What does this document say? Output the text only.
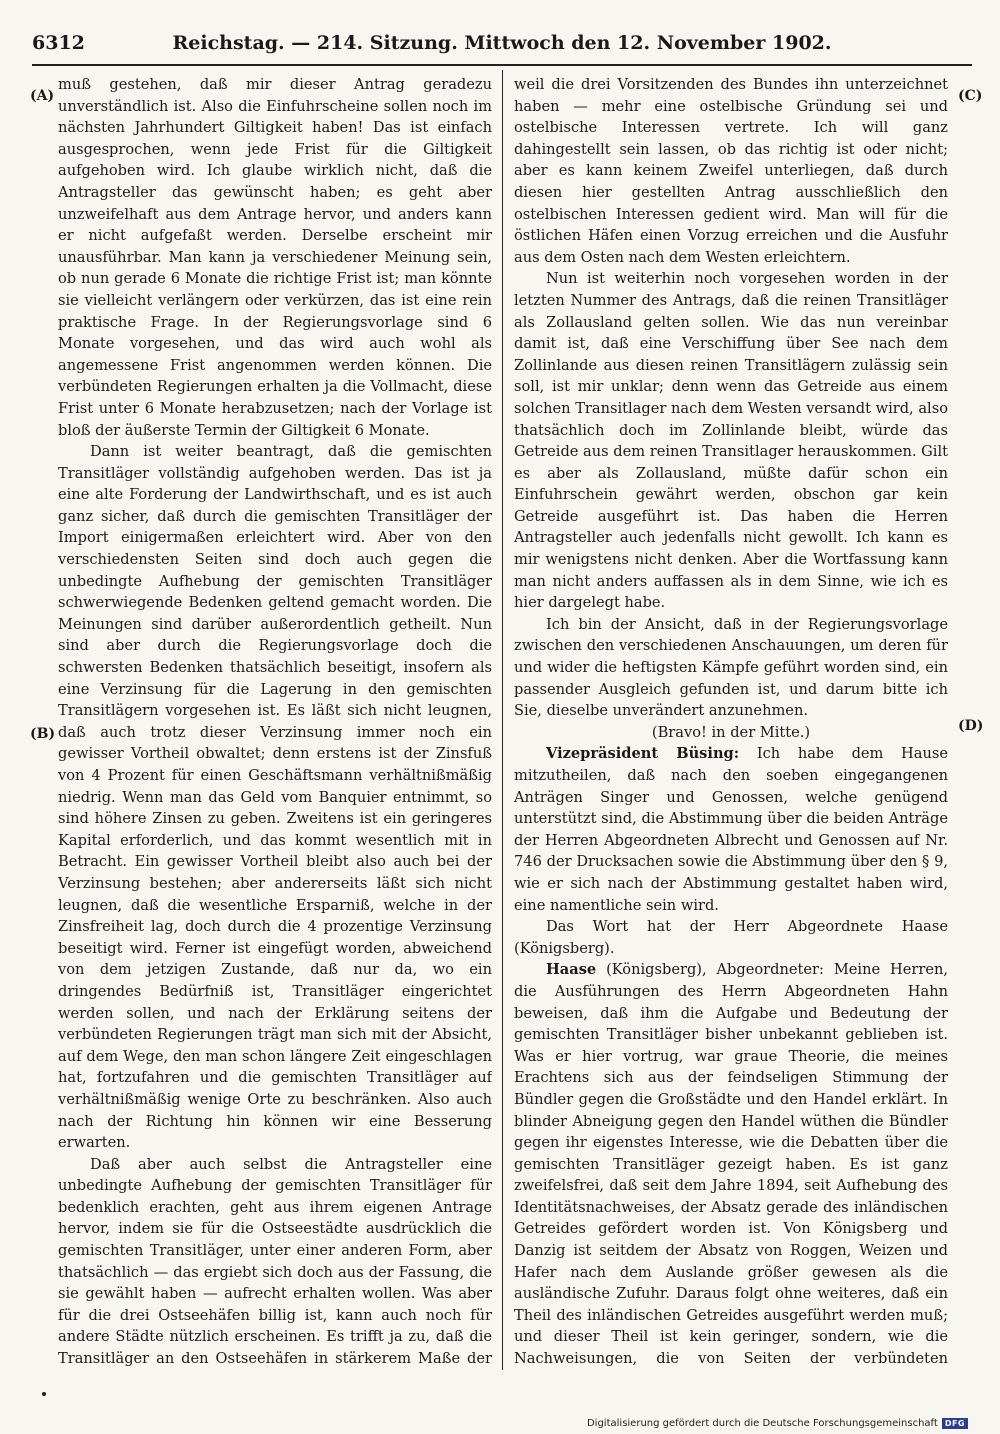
6312	Reichstag. — 214. Sitzung. Mittwoch den 12. November 1902.
(A)
(B)
(C)
(D)

muß gestehen, daß mir dieser Antrag geradezu unverständlich ist. Also die Einfuhrscheine sollen noch im nächsten Jahrhundert Giltigkeit haben! Das ist einfach ausgesprochen, wenn jede Frist für die Giltigkeit aufgehoben wird. Ich glaube wirklich nicht, daß die Antragsteller das gewünscht haben; es geht aber unzweifelhaft aus dem Antrage hervor, und anders kann er nicht aufgefaßt werden. Derselbe erscheint mir unausführbar. Man kann ja verschiedener Meinung sein, ob nun gerade 6 Monate die richtige Frist ist; man könnte sie vielleicht verlängern oder verkürzen, das ist eine rein praktische Frage. In der Regierungsvorlage sind 6 Monate vorgesehen, und das wird auch wohl als angemessene Frist angenommen werden können. Die verbündeten Regierungen erhalten ja die Vollmacht, diese Frist unter 6 Monate herabzusetzen; nach der Vorlage ist bloß der äußerste Termin der Giltigkeit 6 Monate.

Dann ist weiter beantragt, daß die gemischten Transitläger vollständig aufgehoben werden. Das ist ja eine alte Forderung der Landwirthschaft, und es ist auch ganz sicher, daß durch die gemischten Transitläger der Import einigermaßen erleichtert wird. Aber von den verschiedensten Seiten sind doch auch gegen die unbedingte Aufhebung der gemischten Transitläger schwerwiegende Bedenken geltend gemacht worden. Die Meinungen sind darüber außerordentlich getheilt. Nun sind aber durch die Regierungsvorlage doch die schwersten Bedenken thatsächlich beseitigt, insofern als eine Verzinsung für die Lagerung in den gemischten Transitlägern vorgesehen ist. Es läßt sich nicht leugnen, daß auch trotz dieser Verzinsung immer noch ein gewisser Vortheil obwaltet; denn erstens ist der Zinsfuß von 4 Prozent für einen Geschäftsmann verhältnißmäßig niedrig. Wenn man das Geld vom Banquier entnimmt, so sind höhere Zinsen zu geben. Zweitens ist ein geringeres Kapital erforderlich, und das kommt wesentlich mit in Betracht. Ein gewisser Vortheil bleibt also auch bei der Verzinsung bestehen; aber andererseits läßt sich nicht leugnen, daß die wesentliche Ersparniß, welche in der Zinsfreiheit lag, doch durch die 4 prozentige Verzinsung beseitigt wird. Ferner ist eingefügt worden, abweichend von dem jetzigen Zustande, daß nur da, wo ein dringendes Bedürfniß ist, Transitläger eingerichtet werden sollen, und nach der Erklärung seitens der verbündeten Regierungen trägt man sich mit der Absicht, auf dem Wege, den man schon längere Zeit eingeschlagen hat, fortzufahren und die gemischten Transitläger auf verhältnißmäßig wenige Orte zu beschränken. Also auch nach der Richtung hin können wir eine Besserung erwarten.

Daß aber auch selbst die Antragsteller eine unbedingte Aufhebung der gemischten Transitläger für bedenklich erachten, geht aus ihrem eigenen Antrage hervor, indem sie für die Ostseestädte ausdrücklich die gemischten Transitläger, unter einer anderen Form, aber thatsächlich — das ergiebt sich doch aus der Fassung, die sie gewählt haben — aufrecht erhalten wollen. Was aber für die drei Ostseehäfen billig ist, kann auch noch für andere Städte nützlich erscheinen. Es trifft ja zu, daß die Transitläger an den Ostseehäfen in stärkerem Maße der

weil die drei Vorsitzenden des Bundes ihn unterzeichnet haben — mehr eine ostelbische Gründung sei und ostelbische Interessen vertrete. Ich will ganz dahingestellt sein lassen, ob das richtig ist oder nicht; aber es kann keinem Zweifel unterliegen, daß durch diesen hier gestellten Antrag ausschließlich den ostelbischen Interessen gedient wird. Man will für die östlichen Häfen einen Vorzug erreichen und die Ausfuhr aus dem Osten nach dem Westen erleichtern.

Nun ist weiterhin noch vorgesehen worden in der letzten Nummer des Antrags, daß die reinen Transitläger als Zollausland gelten sollen. Wie das nun vereinbar damit ist, daß eine Verschiffung über See nach dem Zollinlande aus diesen reinen Transitlägern zulässig sein soll, ist mir unklar; denn wenn das Getreide aus einem solchen Transitlager nach dem Westen versandt wird, also thatsächlich doch im Zollinlande bleibt, würde das Getreide aus dem reinen Transitlager herauskommen. Gilt es aber als Zollausland, müßte dafür schon ein Einfuhrschein gewährt werden, obschon gar kein Getreide ausgeführt ist. Das haben die Herren Antragsteller auch jedenfalls nicht gewollt. Ich kann es mir wenigstens nicht denken. Aber die Wortfassung kann man nicht anders auffassen als in dem Sinne, wie ich es hier dargelegt habe.

Ich bin der Ansicht, daß in der Regierungsvorlage zwischen den verschiedenen Anschauungen, um deren für und wider die heftigsten Kämpfe geführt worden sind, ein passender Ausgleich gefunden ist, und darum bitte ich Sie, dieselbe unverändert anzunehmen.

(Bravo! in der Mitte.)

Vizepräsident Büsing: Ich habe dem Hause mitzutheilen, daß nach den soeben eingegangenen Anträgen Singer und Genossen, welche genügend unterstützt sind, die Abstimmung über die beiden Anträge der Herren Abgeordneten Albrecht und Genossen auf Nr. 746 der Drucksachen sowie die Abstimmung über den § 9, wie er sich nach der Abstimmung gestaltet haben wird, eine namentliche sein wird.

Das Wort hat der Herr Abgeordnete Haase (Königsberg).

Haase (Königsberg), Abgeordneter: Meine Herren, die Ausführungen des Herrn Abgeordneten Hahn beweisen, daß ihm die Aufgabe und Bedeutung der gemischten Transitläger bisher unbekannt geblieben ist. Was er hier vortrug, war graue Theorie, die meines Erachtens sich aus der feindseligen Stimmung der Bündler gegen die Großstädte und den Handel erklärt. In blinder Abneigung gegen den Handel wüthen die Bündler gegen ihr eigenstes Interesse, wie die Debatten über die gemischten Transitläger gezeigt haben. Es ist ganz zweifelsfrei, daß seit dem Jahre 1894, seit Aufhebung des Identitätsnachweises, der Absatz gerade des inländischen Getreides gefördert worden ist. Von Königsberg und Danzig ist seitdem der Absatz von Roggen, Weizen und Hafer nach dem Auslande größer gewesen als die ausländische Zufuhr. Daraus folgt ohne weiteres, daß ein Theil des inländischen Getreides ausgeführt werden muß; und dieser Theil ist kein geringer, sondern, wie die Nachweisungen, die von Seiten der verbündeten

Digitalisierung gefördert durch die Deutsche Forschungsgemeinschaft DFG
